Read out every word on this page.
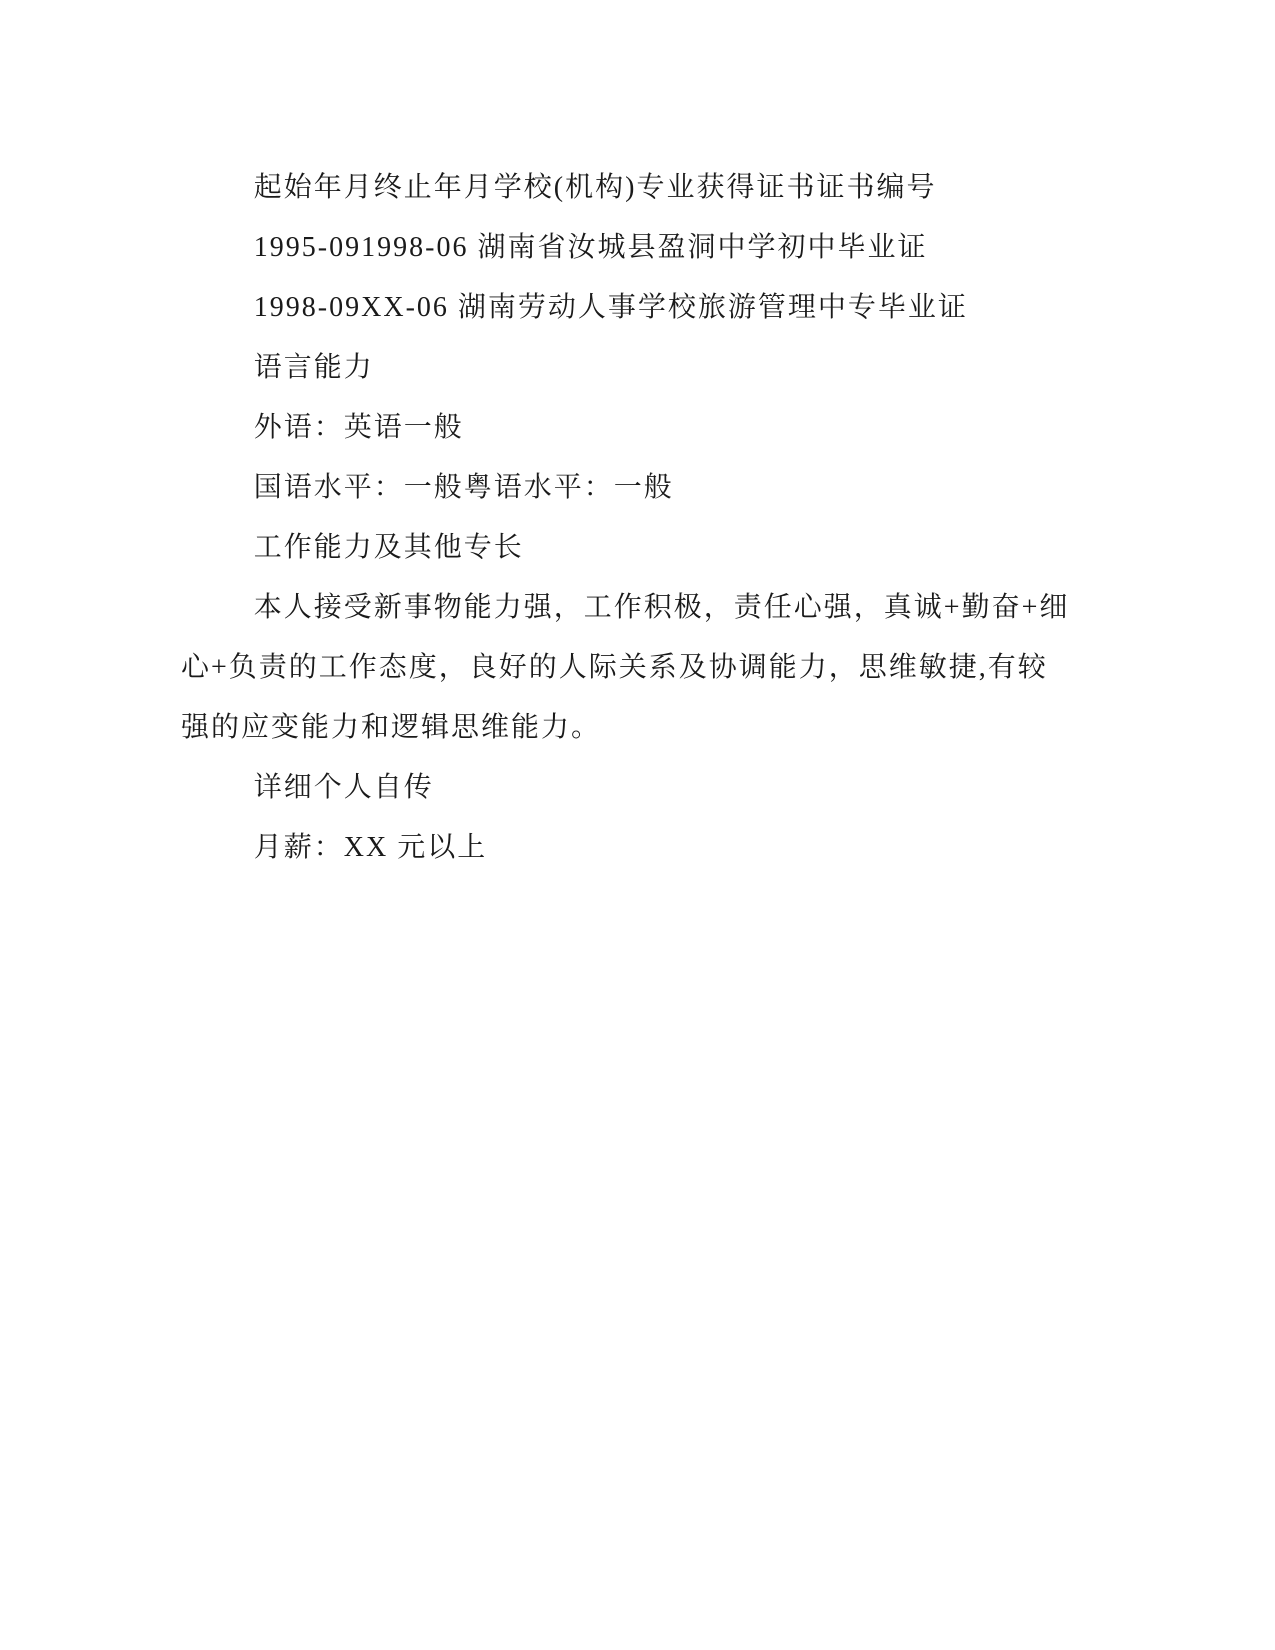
起始年月终止年月学校(机构)专业获得证书证书编号

1995-091998-06 湖南省汝城县盈洞中学初中毕业证

1998-09XX-06 湖南劳动人事学校旅游管理中专毕业证

语言能力

外语：英语一般

国语水平：一般粤语水平：一般

工作能力及其他专长

本人接受新事物能力强，工作积极，责任心强，真诚+勤奋+细心+负责的工作态度，良好的人际关系及协调能力，思维敏捷,有较强的应变能力和逻辑思维能力。

详细个人自传

月薪：XX 元以上
